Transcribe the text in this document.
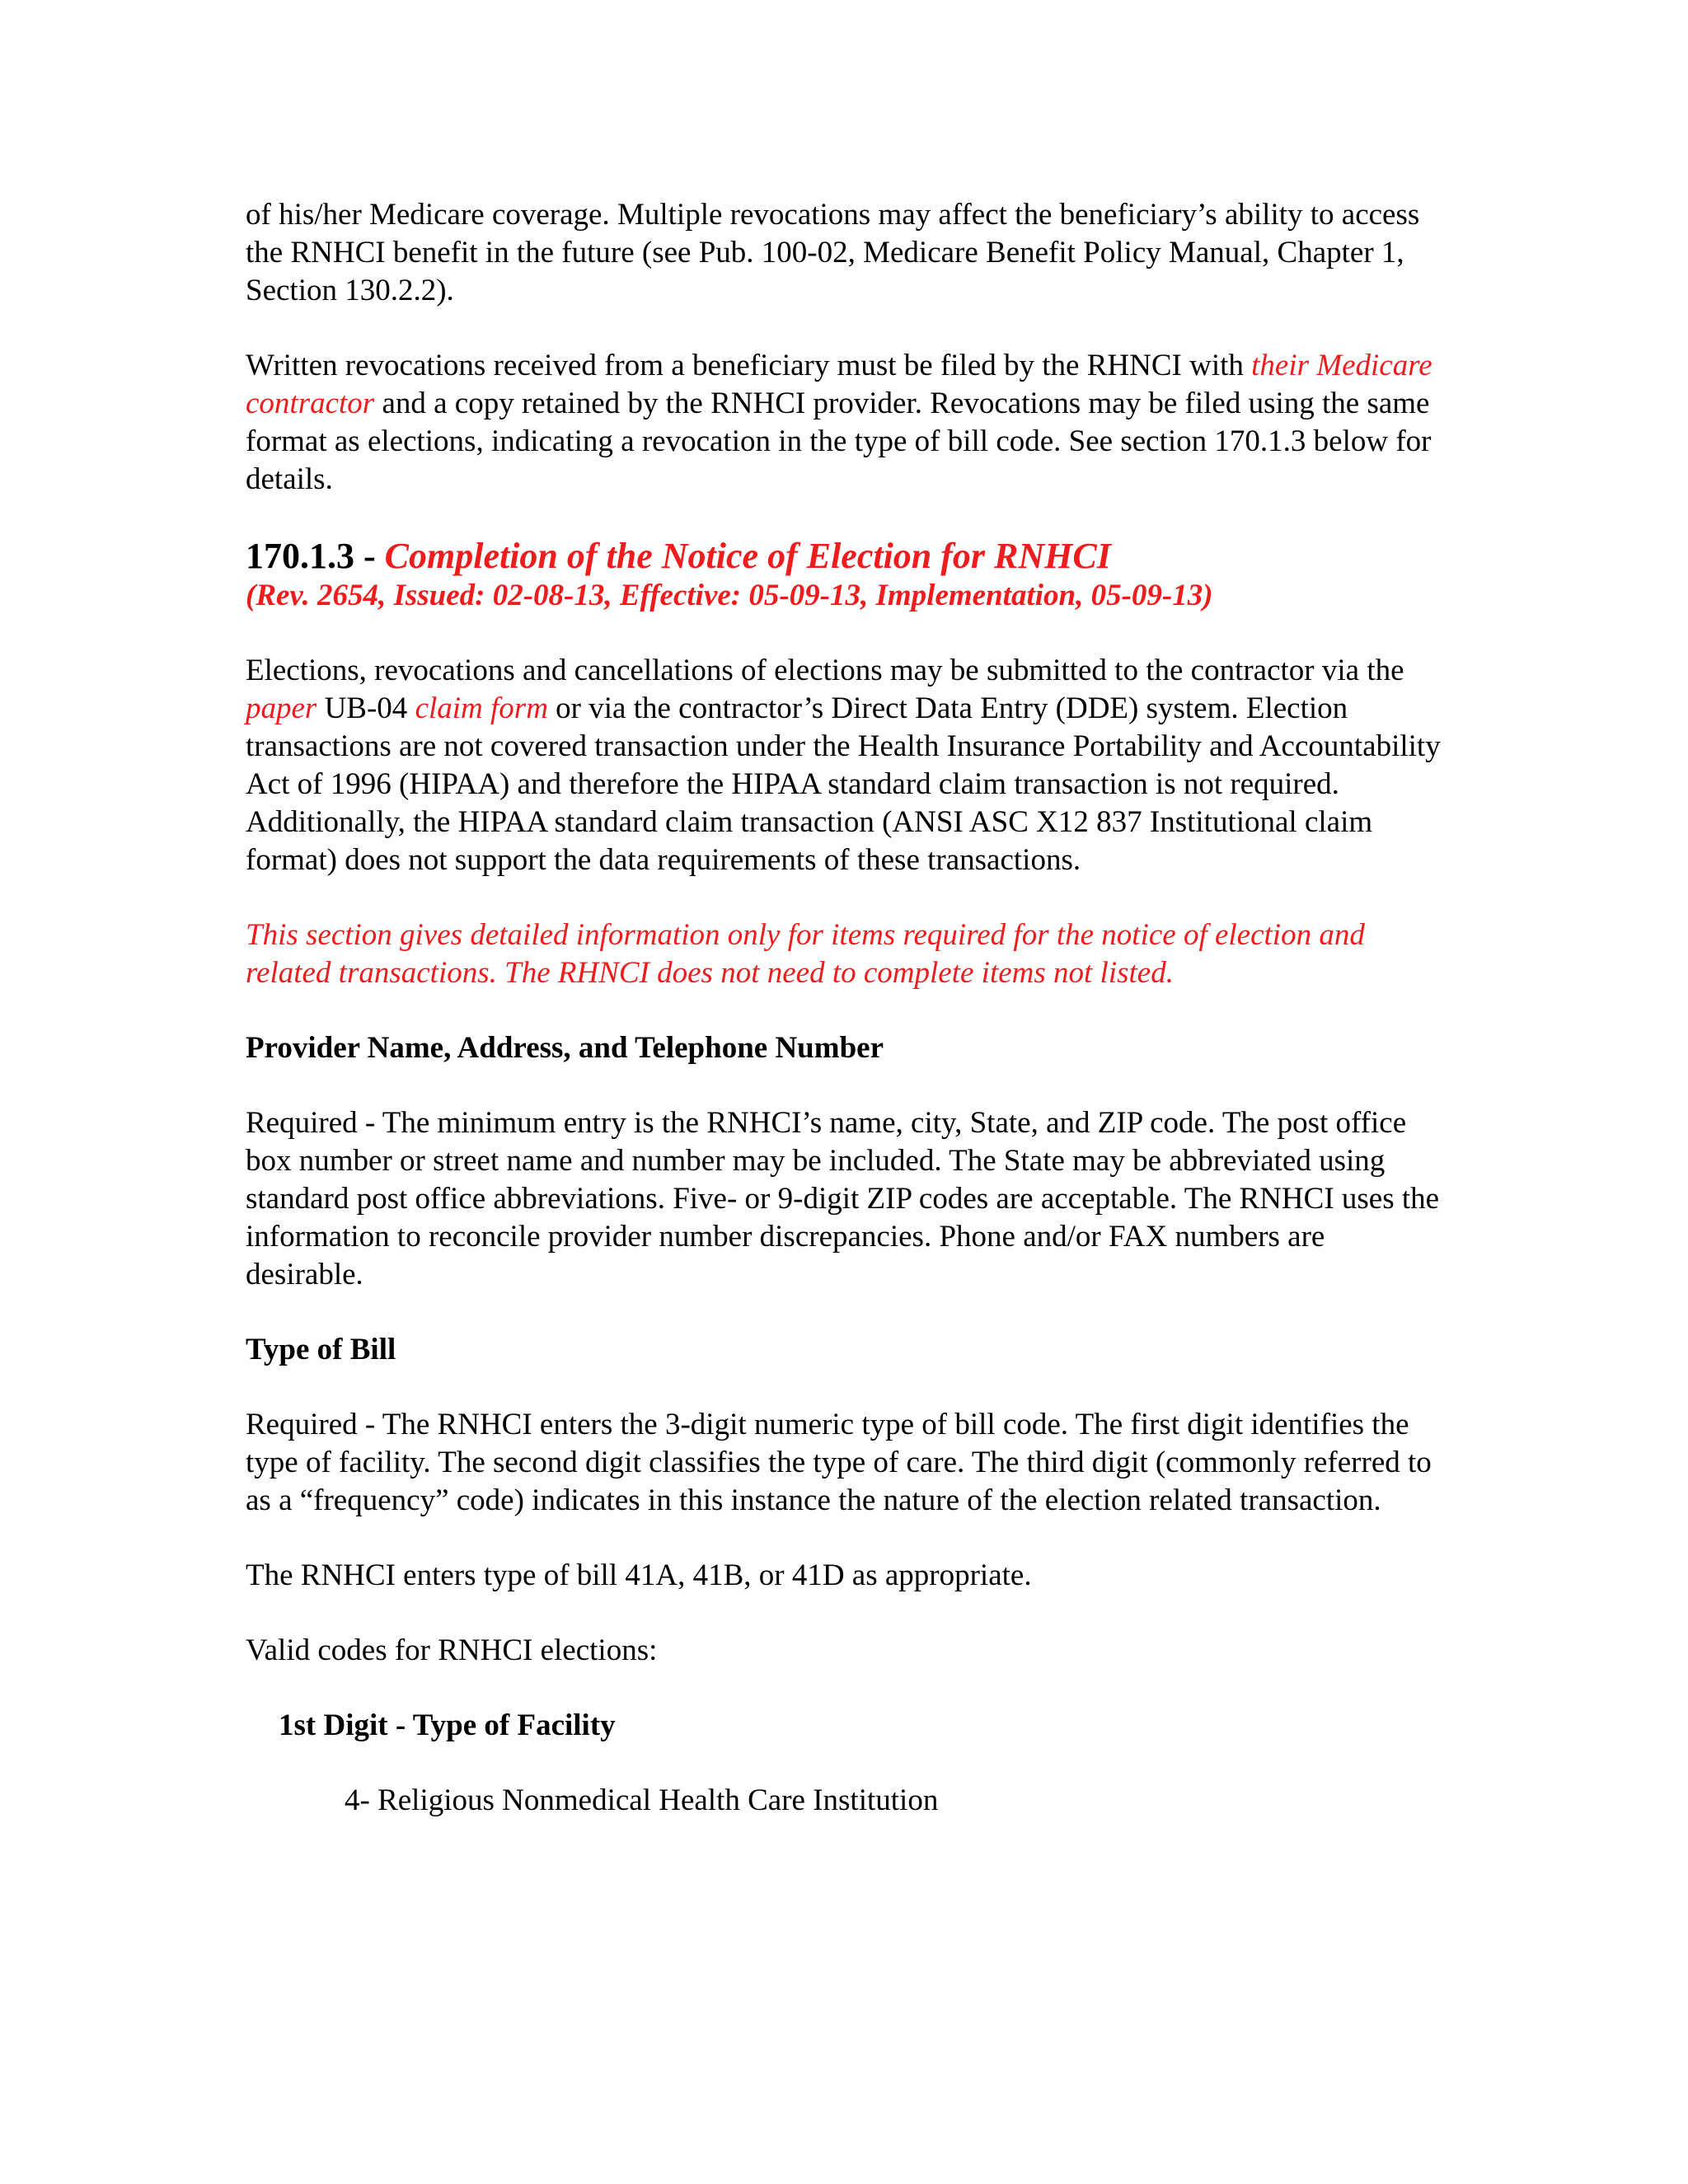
of his/her Medicare coverage. Multiple revocations may affect the beneficiary’s ability to access the RNHCI benefit in the future (see Pub. 100-02, Medicare Benefit Policy Manual, Chapter 1, Section 130.2.2).

Written revocations received from a beneficiary must be filed by the RHNCI with their Medicare contractor and a copy retained by the RNHCI provider. Revocations may be filed using the same format as elections, indicating a revocation in the type of bill code. See section 170.1.3 below for details.

170.1.3 - Completion of the Notice of Election for RNHCI
(Rev. 2654, Issued: 02-08-13, Effective: 05-09-13, Implementation, 05-09-13)

Elections, revocations and cancellations of elections may be submitted to the contractor via the paper UB-04 claim form or via the contractor’s Direct Data Entry (DDE) system. Election transactions are not covered transaction under the Health Insurance Portability and Accountability Act of 1996 (HIPAA) and therefore the HIPAA standard claim transaction is not required. Additionally, the HIPAA standard claim transaction (ANSI ASC X12 837 Institutional claim format) does not support the data requirements of these transactions.

This section gives detailed information only for items required for the notice of election and related transactions. The RHNCI does not need to complete items not listed.

Provider Name, Address, and Telephone Number

Required - The minimum entry is the RNHCI’s name, city, State, and ZIP code. The post office box number or street name and number may be included. The State may be abbreviated using standard post office abbreviations. Five- or 9-digit ZIP codes are acceptable. The RNHCI uses the information to reconcile provider number discrepancies. Phone and/or FAX numbers are desirable.

Type of Bill

Required - The RNHCI enters the 3-digit numeric type of bill code. The first digit identifies the type of facility. The second digit classifies the type of care. The third digit (commonly referred to as a “frequency” code) indicates in this instance the nature of the election related transaction.

The RNHCI enters type of bill 41A, 41B, or 41D as appropriate.

Valid codes for RNHCI elections:

1st Digit - Type of Facility
4- Religious Nonmedical Health Care Institution
